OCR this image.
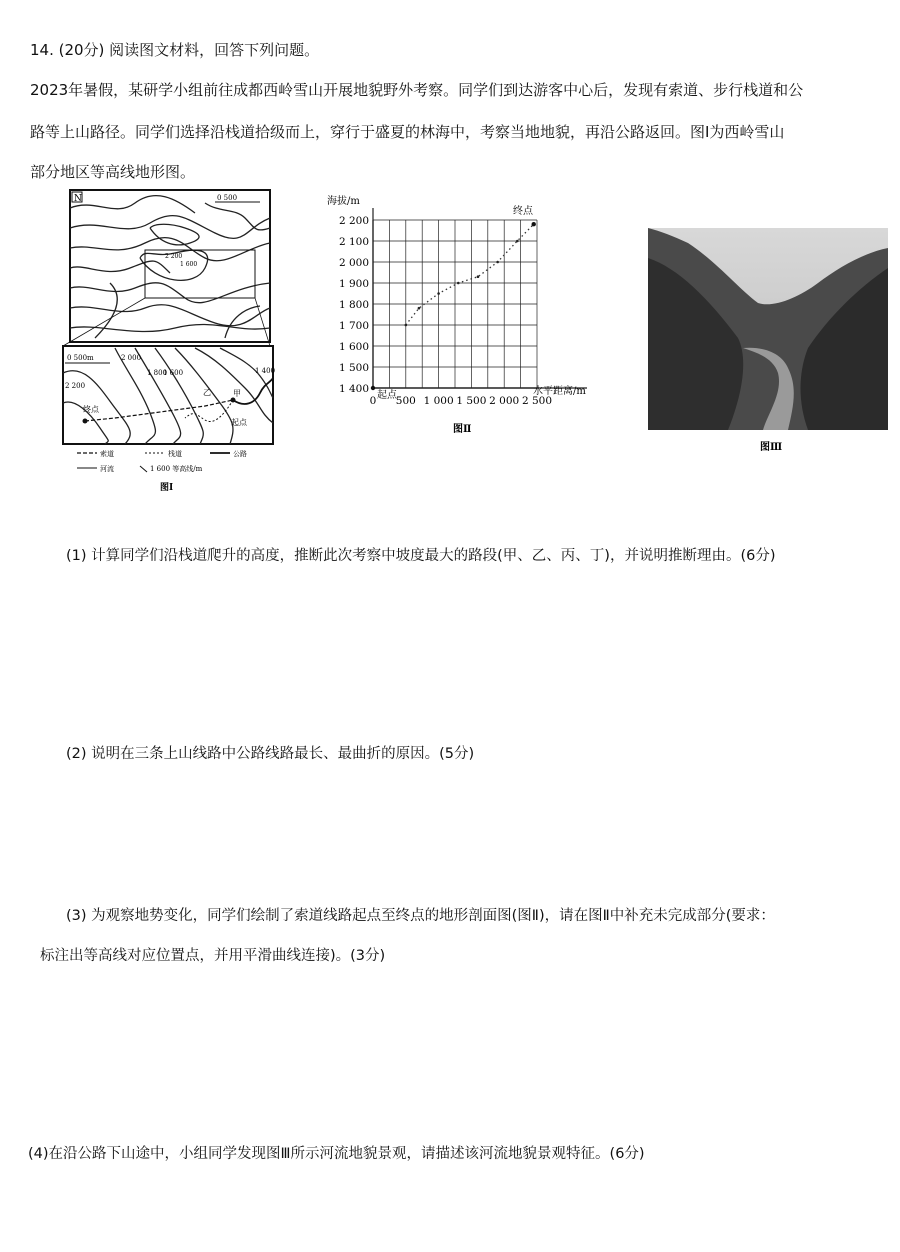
14. (20分) 阅读图文材料，回答下列问题。
2023年暑假，某研学小组前往成都西岭雪山开展地貌野外考察。同学们到达游客中心后，发现有索道、步行栈道和公
路等上山路径。同学们选择沿栈道拾级而上，穿行于盛夏的林海中，考察当地地貌，再沿公路返回。图Ⅰ为西岭雪山
部分地区等高线地形图。
N	0 500
2 200
1 600
终点
起点
甲
乙
0 500m	2 000
2 200
1 600
1 800	1 400
索道	栈道	公路
河流	1 600 等高线/m
图Ⅰ
1 400
1 500
1 600
1 700
1 800
1 900
2 000
2 100
2 200
0 500 1 000 1 500 2 000 2 500
海拔/m
水平距离/m
起点
终点
图Ⅱ
图Ⅲ
(1) 计算同学们沿栈道爬升的高度，推断此次考察中坡度最大的路段(甲、乙、丙、丁)，并说明推断理由。(6分)
(2) 说明在三条上山线路中公路线路最长、最曲折的原因。(5分)
(3) 为观察地势变化，同学们绘制了索道线路起点至终点的地形剖面图(图Ⅱ)，请在图Ⅱ中补充未完成部分(要求：
标注出等高线对应位置点，并用平滑曲线连接)。(3分)
(4)在沿公路下山途中，小组同学发现图Ⅲ所示河流地貌景观，请描述该河流地貌景观特征。(6分)
